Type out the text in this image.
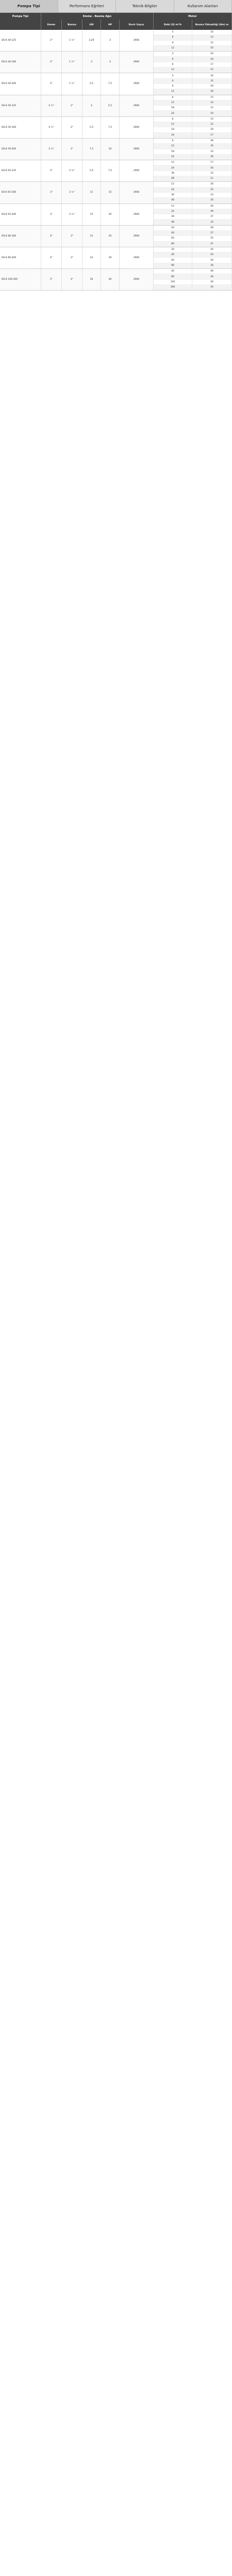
Pompa Tipi	Performans Eğrileri	Teknik Bilgiler	Kullanım Alanları
Pompa Tipi	Emme - Basma Ağzı	Motor
Emme	Basma	kW	HP	Devir Sayısı	Debi (Q) m³/h	Basma Yüksekliği (Hm) m
DS-K 40-125	2"	1 ½"	2,20	3	2900
3	14
6	13
9	12
12	10
DS-K 40-160	2"	1 ½"	3	4	2900
3	20
6	19
9	17
12	15
DS-K 40-200	2"	1 ½"	5,5	7,5	2900
3	32
6	31
9	29
12	26
DS-K 50-125	2 ½"	2"	4	5,5	2900
6	15
12	14
18	12
24	10
DS-K 50-160	2 ½"	2"	5,5	7,5	2900
6	23
12	22
18	20
24	17
DS-K 50-200	2 ½"	2"	7,5	10	2900
6	36
12	35
18	33
24	30
DS-K 65-125	3"	2 ½"	5,5	7,5	2900
12	17
24	16
36	14
48	11
DS-K 65-160	3"	2 ½"	11	15	2900
12	26
24	25
36	23
48	20
DS-K 65-200	3"	2 ½"	15	20	2900
12	40
24	39
36	37
48	33
DS-K 80-160	4"	3"	15	20	2900
20	28
40	27
60	25
80	21
DS-K 80-200	4"	3"	22	30	2900
20	44
40	43
60	40
80	36
DS-K 100-200	5"	4"	30	40	2900
40	46
80	44
120	40
160	34
